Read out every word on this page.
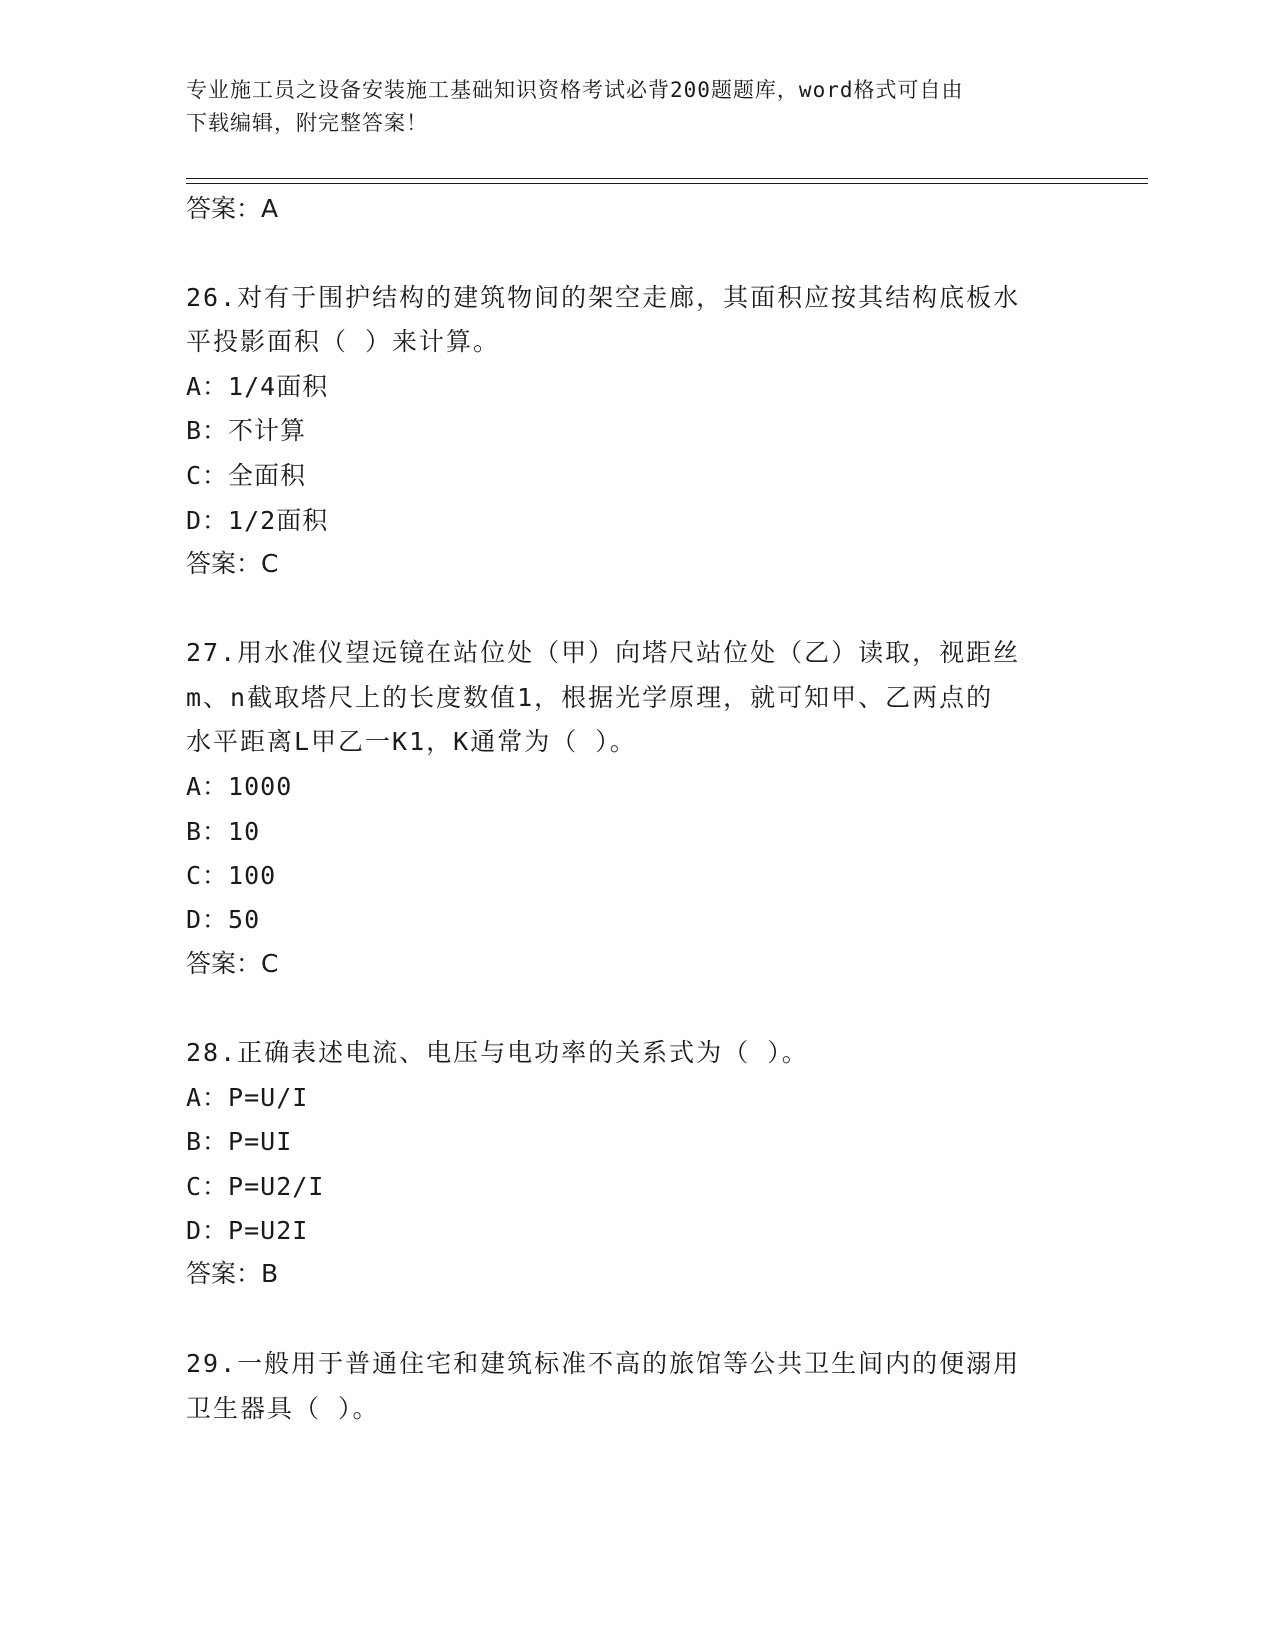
专业施工员之设备安装施工基础知识资格考试必背200题题库，word格式可自由
下载编辑，附完整答案！
答案：A
26.对有于围护结构的建筑物间的架空走廊，其面积应按其结构底板水
平投影面积（ ）来计算。
A：1/4面积
B：不计算
C：全面积
D：1/2面积
答案：C
27.用水准仪望远镜在站位处（甲）向塔尺站位处（乙）读取，视距丝
m、n截取塔尺上的长度数值1，根据光学原理，就可知甲、乙两点的
水平距离L甲乙一K1，K通常为（ ）。
A：1000
B：10
C：100
D：50
答案：C
28.正确表述电流、电压与电功率的关系式为（ ）。
A：P=U/I
B：P=UI
C：P=U2/I
D：P=U2I
答案：B
29.一般用于普通住宅和建筑标准不高的旅馆等公共卫生间内的便溺用
卫生器具（ ）。
